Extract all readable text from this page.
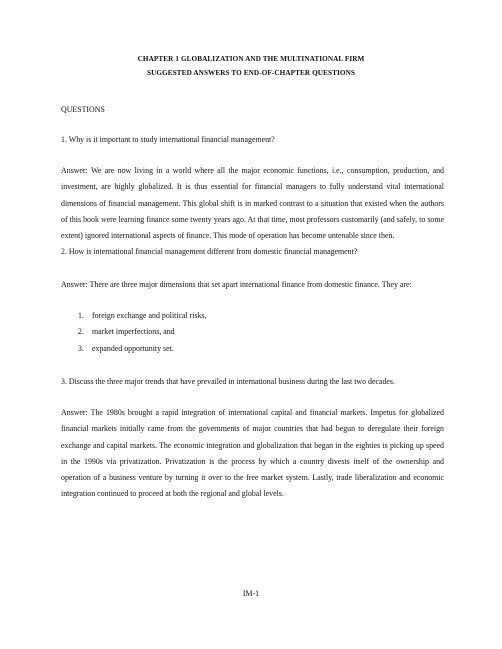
CHAPTER 1 GLOBALIZATION AND THE MULTINATIONAL FIRM
SUGGESTED ANSWERS TO END-OF-CHAPTER QUESTIONS
QUESTIONS
1. Why is it important to study international financial management?
Answer: We are now living in a world where all the major economic functions, i.e., consumption, production, and investment, are highly globalized. It is thus essential for financial managers to fully understand vital international dimensions of financial management. This global shift is in marked contrast to a situation that existed when the authors of this book were learning finance some twenty years ago. At that time, most professors customarily (and safely, to some extent) ignored international aspects of finance. This mode of operation has become untenable since then.
2. How is international financial management different from domestic financial management?
Answer: There are three major dimensions that set apart international finance from domestic finance. They are:
1.	foreign exchange and political risks,
2.	market imperfections, and
3.	expanded opportunity set.
3. Discuss the three major trends that have prevailed in international business during the last two decades.
Answer: The 1980s brought a rapid integration of international capital and financial markets. Impetus for globalized financial markets initially came from the governments of major countries that had begun to deregulate their foreign exchange and capital markets. The economic integration and globalization that began in the eighties is picking up speed in the 1990s via privatization. Privatization is the process by which a country divests itself of the ownership and operation of a business venture by turning it over to the free market system. Lastly, trade liberalization and economic integration continued to proceed at both the regional and global levels.
IM-1
